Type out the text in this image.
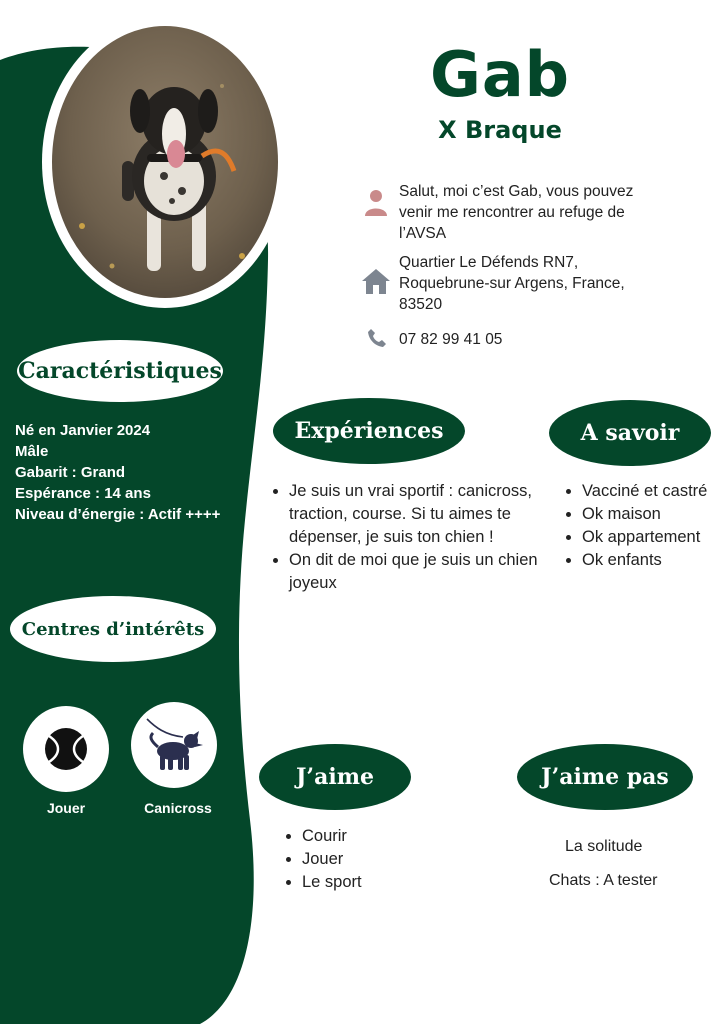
Gab
X Braque
Salut, moi c’est Gab, vous pouvez venir me rencontrer au refuge de l’AVSA
Quartier Le Défends RN7, Roquebrune-sur Argens, France, 83520
07 82 99 41 05
Caractéristiques
Né en Janvier 2024
Mâle
Gabarit : Grand
Espérance : 14 ans
Niveau d’énergie : Actif ++++
Centres d’intérêts
Jouer	Canicross
Expériences
• Je suis un vrai sportif : canicross, traction, course. Si tu aimes te dépenser, je suis ton chien !
• On dit de moi que je suis un chien joyeux
A savoir
• Vacciné et castré
• Ok maison
• Ok appartement
• Ok enfants
J’aime
• Courir
• Jouer
• Le sport
J’aime pas
La solitude
Chats : A tester
